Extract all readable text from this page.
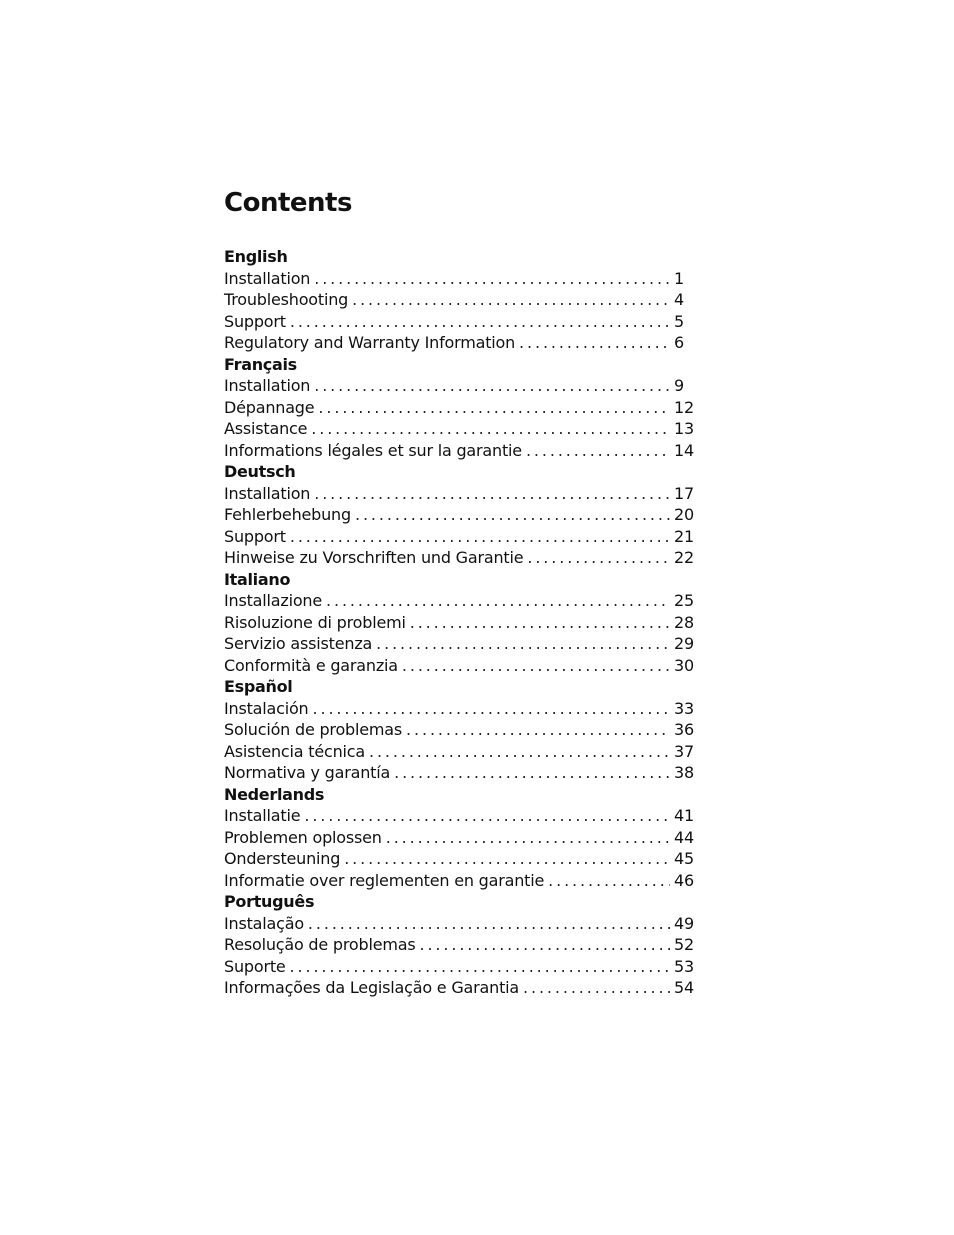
Contents
English
Installation . . .	1
Troubleshooting . . .	4
Support . . .	5
Regulatory and Warranty Information . . .	6
Français
Installation . . .	9
Dépannage . . .	12
Assistance . . .	13
Informations légales et sur la garantie . . .	14
Deutsch
Installation . . .	17
Fehlerbehebung . . .	20
Support . . .	21
Hinweise zu Vorschriften und Garantie . . .	22
Italiano
Installazione . . .	25
Risoluzione di problemi . . .	28
Servizio assistenza . . .	29
Conformità e garanzia . . .	30
Español
Instalación . . .	33
Solución de problemas . . .	36
Asistencia técnica . . .	37
Normativa y garantía . . .	38
Nederlands
Installatie . . .	41
Problemen oplossen . . .	44
Ondersteuning . . .	45
Informatie over reglementen en garantie . . .	46
Português
Instalação . . .	49
Resolução de problemas . . .	52
Suporte . . .	53
Informações da Legislação e Garantia . . .	54
